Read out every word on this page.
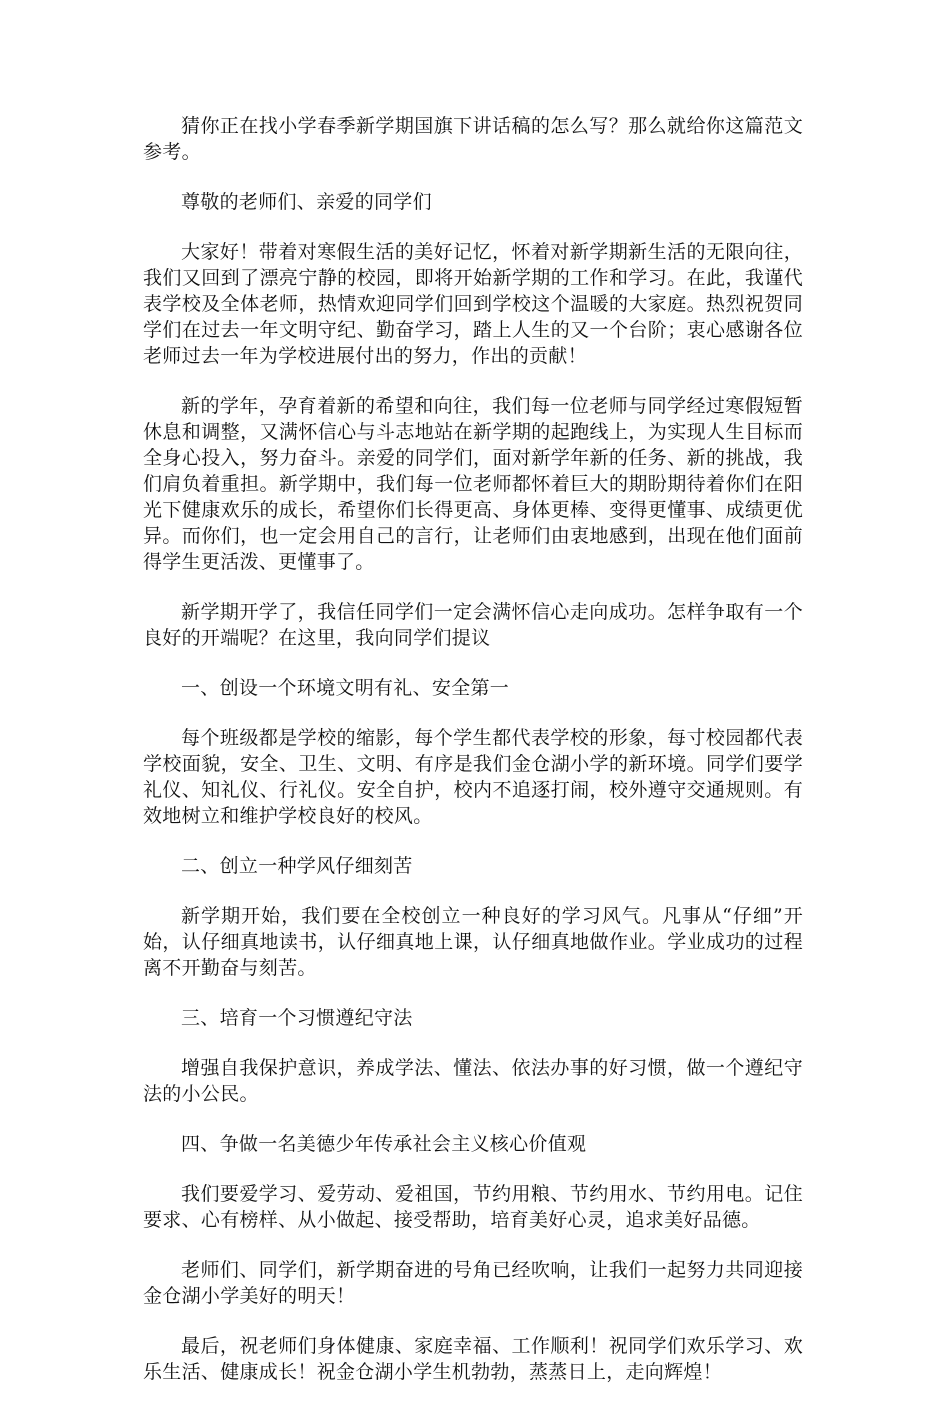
猜你正在找小学春季新学期国旗下讲话稿的怎么写？那么就给你这篇范文参考。

尊敬的老师们、亲爱的同学们

大家好！带着对寒假生活的美好记忆，怀着对新学期新生活的无限向往，我们又回到了漂亮宁静的校园，即将开始新学期的工作和学习。在此，我谨代表学校及全体老师，热情欢迎同学们回到学校这个温暖的大家庭。热烈祝贺同学们在过去一年文明守纪、勤奋学习，踏上人生的又一个台阶；衷心感谢各位老师过去一年为学校进展付出的努力，作出的贡献！

新的学年，孕育着新的希望和向往，我们每一位老师与同学经过寒假短暂休息和调整，又满怀信心与斗志地站在新学期的起跑线上，为实现人生目标而全身心投入，努力奋斗。亲爱的同学们，面对新学年新的任务、新的挑战，我们肩负着重担。新学期中，我们每一位老师都怀着巨大的期盼期待着你们在阳光下健康欢乐的成长，希望你们长得更高、身体更棒、变得更懂事、成绩更优异。而你们，也一定会用自己的言行，让老师们由衷地感到，出现在他们面前得学生更活泼、更懂事了。

新学期开学了，我信任同学们一定会满怀信心走向成功。怎样争取有一个良好的开端呢？在这里，我向同学们提议

一、创设一个环境文明有礼、安全第一

每个班级都是学校的缩影，每个学生都代表学校的形象，每寸校园都代表学校面貌，安全、卫生、文明、有序是我们金仓湖小学的新环境。同学们要学礼仪、知礼仪、行礼仪。安全自护，校内不追逐打闹，校外遵守交通规则。有效地树立和维护学校良好的校风。

二、创立一种学风仔细刻苦

新学期开始，我们要在全校创立一种良好的学习风气。凡事从“仔细”开始，认仔细真地读书，认仔细真地上课，认仔细真地做作业。学业成功的过程离不开勤奋与刻苦。

三、培育一个习惯遵纪守法

增强自我保护意识，养成学法、懂法、依法办事的好习惯，做一个遵纪守法的小公民。

四、争做一名美德少年传承社会主义核心价值观

我们要爱学习、爱劳动、爱祖国，节约用粮、节约用水、节约用电。记住要求、心有榜样、从小做起、接受帮助，培育美好心灵，追求美好品德。

老师们、同学们，新学期奋进的号角已经吹响，让我们一起努力共同迎接金仓湖小学美好的明天！

最后，祝老师们身体健康、家庭幸福、工作顺利！祝同学们欢乐学习、欢乐生活、健康成长！祝金仓湖小学生机勃勃，蒸蒸日上，走向辉煌！
